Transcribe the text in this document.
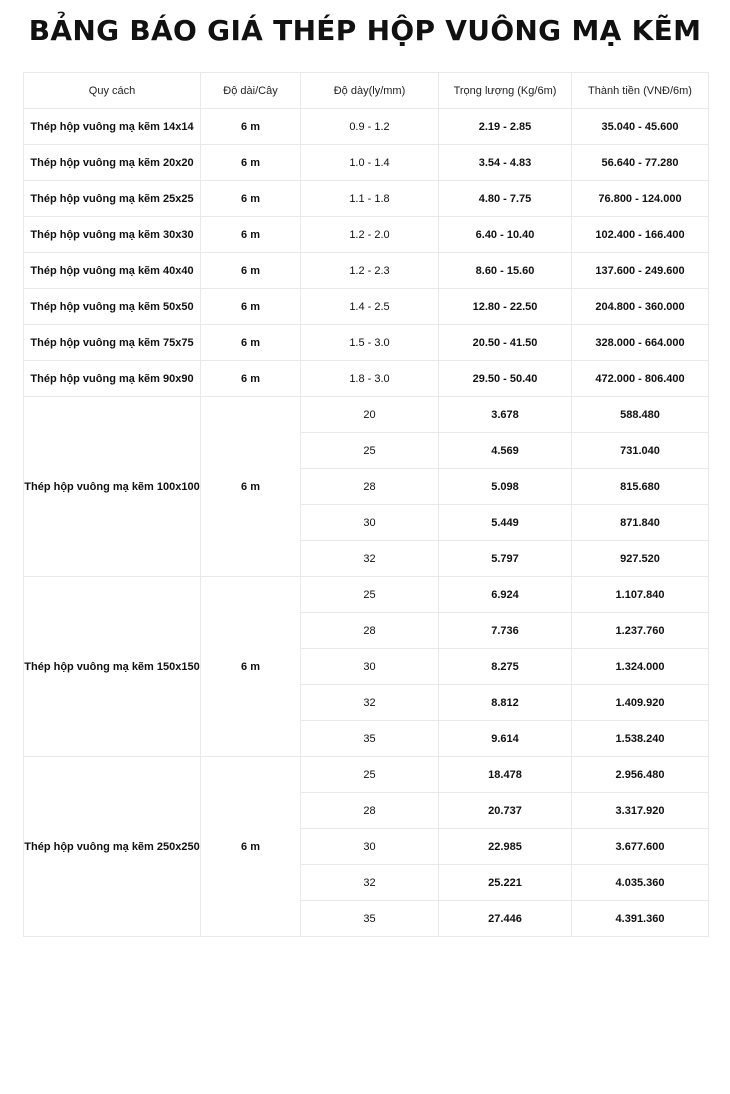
BẢNG BÁO GIÁ THÉP HỘP VUÔNG MẠ KẼM
Quy cách	Độ dài/Cây	Độ dày(ly/mm)	Trọng lượng (Kg/6m)	Thành tiền (VNĐ/6m)
Thép hộp vuông mạ kẽm 14x14	6 m	0.9 - 1.2	2.19 - 2.85	35.040 - 45.600
Thép hộp vuông mạ kẽm 20x20	6 m	1.0 - 1.4	3.54 - 4.83	56.640 - 77.280
Thép hộp vuông mạ kẽm 25x25	6 m	1.1 - 1.8	4.80 - 7.75	76.800 - 124.000
Thép hộp vuông mạ kẽm 30x30	6 m	1.2 - 2.0	6.40 - 10.40	102.400 - 166.400
Thép hộp vuông mạ kẽm 40x40	6 m	1.2 - 2.3	8.60 - 15.60	137.600 - 249.600
Thép hộp vuông mạ kẽm 50x50	6 m	1.4 - 2.5	12.80 - 22.50	204.800 - 360.000
Thép hộp vuông mạ kẽm 75x75	6 m	1.5 - 3.0	20.50 - 41.50	328.000 - 664.000
Thép hộp vuông mạ kẽm 90x90	6 m	1.8 - 3.0	29.50 - 50.40	472.000 - 806.400
Thép hộp vuông mạ kẽm 100x100	6 m	20	3.678	588.480
		25	4.569	731.040
		28	5.098	815.680
		30	5.449	871.840
		32	5.797	927.520
Thép hộp vuông mạ kẽm 150x150	6 m	25	6.924	1.107.840
		28	7.736	1.237.760
		30	8.275	1.324.000
		32	8.812	1.409.920
		35	9.614	1.538.240
Thép hộp vuông mạ kẽm 250x250	6 m	25	18.478	2.956.480
		28	20.737	3.317.920
		30	22.985	3.677.600
		32	25.221	4.035.360
		35	27.446	4.391.360
